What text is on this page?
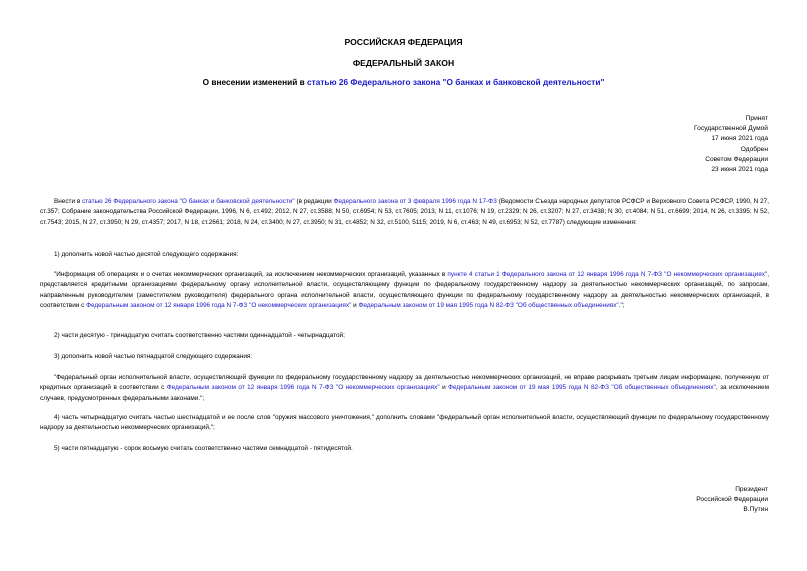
РОССИЙСКАЯ ФЕДЕРАЦИЯ
ФЕДЕРАЛЬНЫЙ ЗАКОН
О внесении изменений в статью 26 Федерального закона "О банках и банковской деятельности"
Принят
Государственной Думой
17 июня 2021 года
Одобрен
Советом Федерации
23 июня 2021 года
Внести в статью 26 Федерального закона "О банках и банковской деятельности" (в редакции Федерального закона от 3 февраля 1996 года N 17-ФЗ (Ведомости Съезда народных депутатов РСФСР и Верховного Совета РСФСР, 1990, N 27, ст.357; Собрание законодательства Российской Федерации, 1996, N 6, ст.492; 2012, N 27, ст.3588; N 50, ст.6954; N 53, ст.7605; 2013, N 11, ст.1076; N 19, ст.2329; N 26, ст.3207; N 27, ст.3438; N 30, ст.4084; N 51, ст.6699; 2014, N 26, ст.3395; N 52, ст.7543; 2015, N 27, ст.3950; N 29, ст.4357; 2017, N 18, ст.2661; 2018, N 24, ст.3400; N 27, ст.3950; N 31, ст.4852; N 32, ст.5100, 5115; 2019, N 6, ст.463; N 49, ст.6953; N 52, ст.7787) следующие изменения:
1) дополнить новой частью десятой следующего содержания:
"Информация об операциях и о счетах некоммерческих организаций, за исключением некоммерческих организаций, указанных в пункте 4 статьи 1 Федерального закона от 12 января 1996 года N 7-ФЗ "О некоммерческих организациях", представляется кредитными организациями федеральному органу исполнительной власти, осуществляющему функции по федеральному государственному надзору за деятельностью некоммерческих организаций, по запросам, направленным руководителем (заместителем руководителя) федерального органа исполнительной власти, осуществляющего функции по федеральному государственному надзору за деятельностью некоммерческих организаций, в соответствии с Федеральным законом от 12 января 1996 года N 7-ФЗ "О некоммерческих организациях" и Федеральным законом от 19 мая 1995 года N 82-ФЗ "Об общественных объединениях".";
2) части десятую - тринадцатую считать соответственно частями одиннадцатой - четырнадцатой;
3) дополнить новой частью пятнадцатой следующего содержания:
"Федеральный орган исполнительной власти, осуществляющий функции по федеральному государственному надзору за деятельностью некоммерческих организаций, не вправе раскрывать третьим лицам информацию, полученную от кредитных организаций в соответствии с Федеральным законом от 12 января 1996 года N 7-ФЗ "О некоммерческих организациях" и Федеральным законом от 19 мая 1995 года N 82-ФЗ "Об общественных объединениях", за исключением случаев, предусмотренных федеральными законами.";
4) часть четырнадцатую считать частью шестнадцатой и ее после слов "оружия массового уничтожения," дополнить словами "федеральный орган исполнительной власти, осуществляющий функции по федеральному государственному надзору за деятельностью некоммерческих организаций,";
5) части пятнадцатую - сорок восьмую считать соответственно частями семнадцатой - пятидесятой.
Президент
Российской Федерации
В.Путин
